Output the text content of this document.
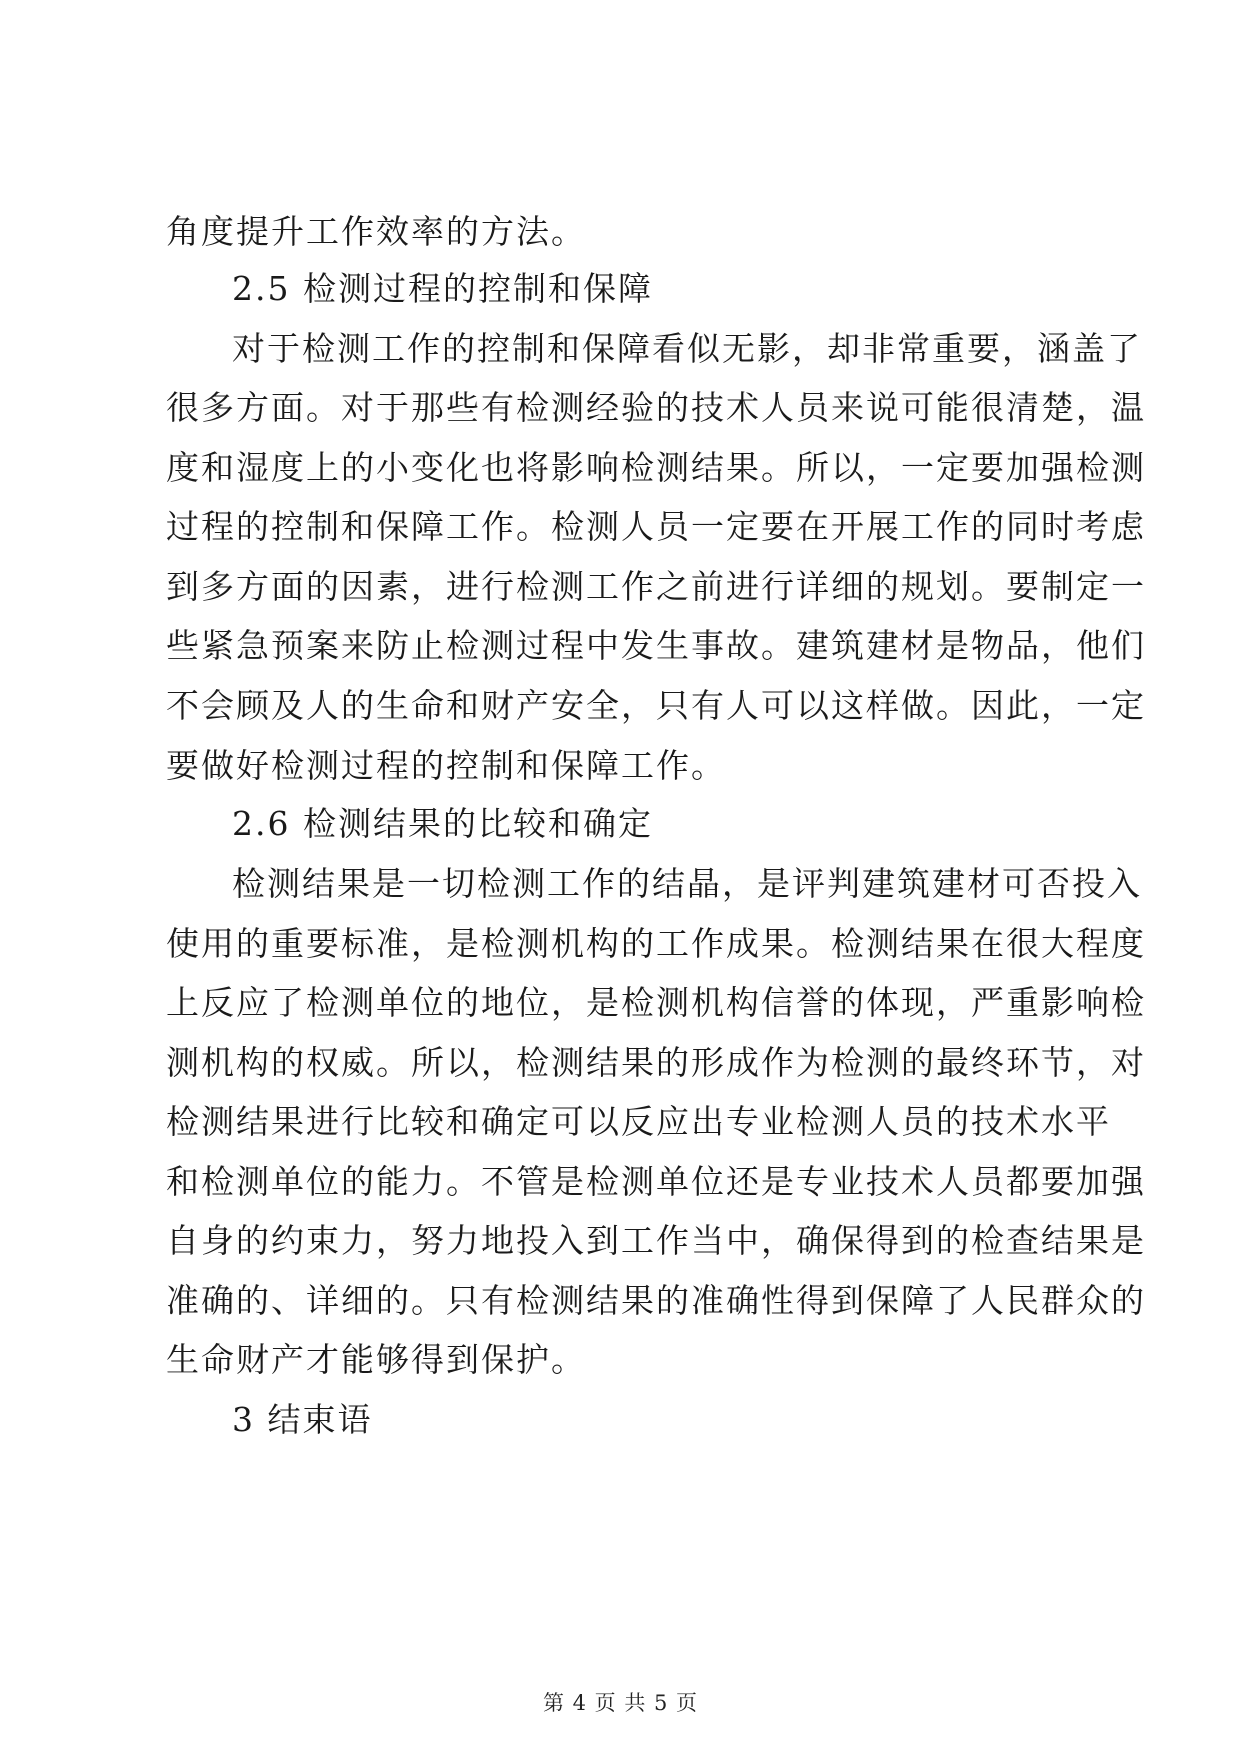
角度提升工作效率的方法。
2.5 检测过程的控制和保障
对于检测工作的控制和保障看似无影，却非常重要，涵盖了
很多方面。对于那些有检测经验的技术人员来说可能很清楚，温
度和湿度上的小变化也将影响检测结果。所以，一定要加强检测
过程的控制和保障工作。检测人员一定要在开展工作的同时考虑
到多方面的因素，进行检测工作之前进行详细的规划。要制定一
些紧急预案来防止检测过程中发生事故。建筑建材是物品，他们
不会顾及人的生命和财产安全，只有人可以这样做。因此，一定
要做好检测过程的控制和保障工作。
2.6 检测结果的比较和确定
检测结果是一切检测工作的结晶，是评判建筑建材可否投入
使用的重要标准，是检测机构的工作成果。检测结果在很大程度
上反应了检测单位的地位，是检测机构信誉的体现，严重影响检
测机构的权威。所以，检测结果的形成作为检测的最终环节，对
检测结果进行比较和确定可以反应出专业检测人员的技术水平
和检测单位的能力。不管是检测单位还是专业技术人员都要加强
自身的约束力，努力地投入到工作当中，确保得到的检查结果是
准确的、详细的。只有检测结果的准确性得到保障了人民群众的
生命财产才能够得到保护。
3 结束语
第 4 页 共 5 页
